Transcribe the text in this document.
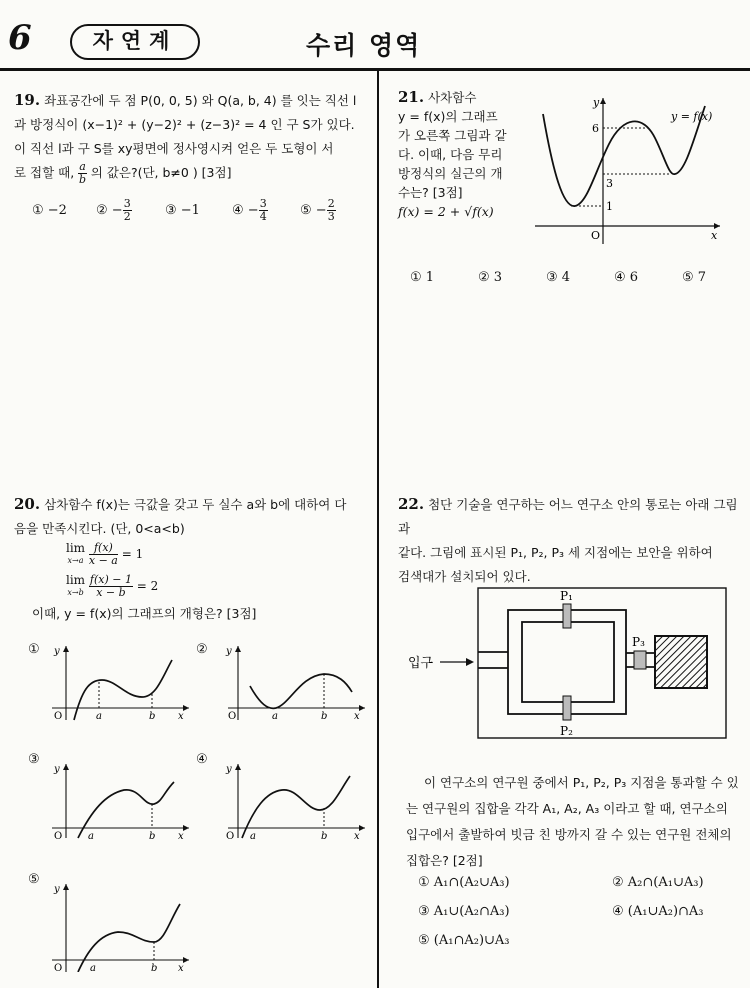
6	자연계	수리 영역
19. 좌표공간에 두 점 P(0, 0, 5) 와 Q(a, b, 4) 를 잇는 직선 l
과 방정식이 (x−1)² + (y−2)² + (z−3)² = 4 인 구 S가 있다.
이 직선 l과 구 S를 xy평면에 정사영시켜 얻은 두 도형이 서
로 접할 때, $\frac{a}{b}$ 의 값은?(단, b≠0 ) [3점]
① −2 ② − $\frac{3}{2}$	③ −1 ④ − $\frac{3}{4}$ ⑤ − $\frac{2}{3}$
21. 사차함수
y = f(x)의 그래프
가 오른쪽 그림과 같
다. 이때, 다음 무리
방정식의 실근의 개
수는? [3점]
f(x) = 2 + √f(x)
y
x
O
6
3
1
y = f(x)
① 1	② 3	③ 4	④ 6	⑤ 7
20. 삼차함수 f(x)는 극값을 갖고 두 실수 a와 b에 대하여 다
음을 만족시킨다. (단, 0<a<b)
lim
$x\to a \frac{f(x)}{x - a} = 1$
lim
$x\to b \frac{f(x) - 1}{x - b} = 2$
이때, y = f(x)의 그래프의 개형은? [3점]
① y
x
O	a	b
② y
x
O	a	b
③
y
x
O	a	b
④
y
x
O a	b
⑤
y
x
O	a	b
22. 첨단 기술을 연구하는 어느 연구소 안의 통로는 아래 그림과
같다. 그림에 표시된 P₁, P₂, P₃ 세 지점에는 보안을 위하여
검색대가 설치되어 있다.
입구
P₁
P₂
P₃
이 연구소의 연구원 중에서 P₁, P₂, P₃ 지점을 통과할 수 있
는 연구원의 집합을 각각 A₁, A₂, A₃ 이라고 할 때, 연구소의
입구에서 출발하여 빗금 친 방까지 갈 수 있는 연구원 전체의
집합은? [2점]
① A₁∩(A₂∪A₃)	② A₂∩(A₁∪A₃)
③ A₁∪(A₂∩A₃)	④ (A₁∪A₂)∩A₃
⑤ (A₁∩A₂)∪A₃
